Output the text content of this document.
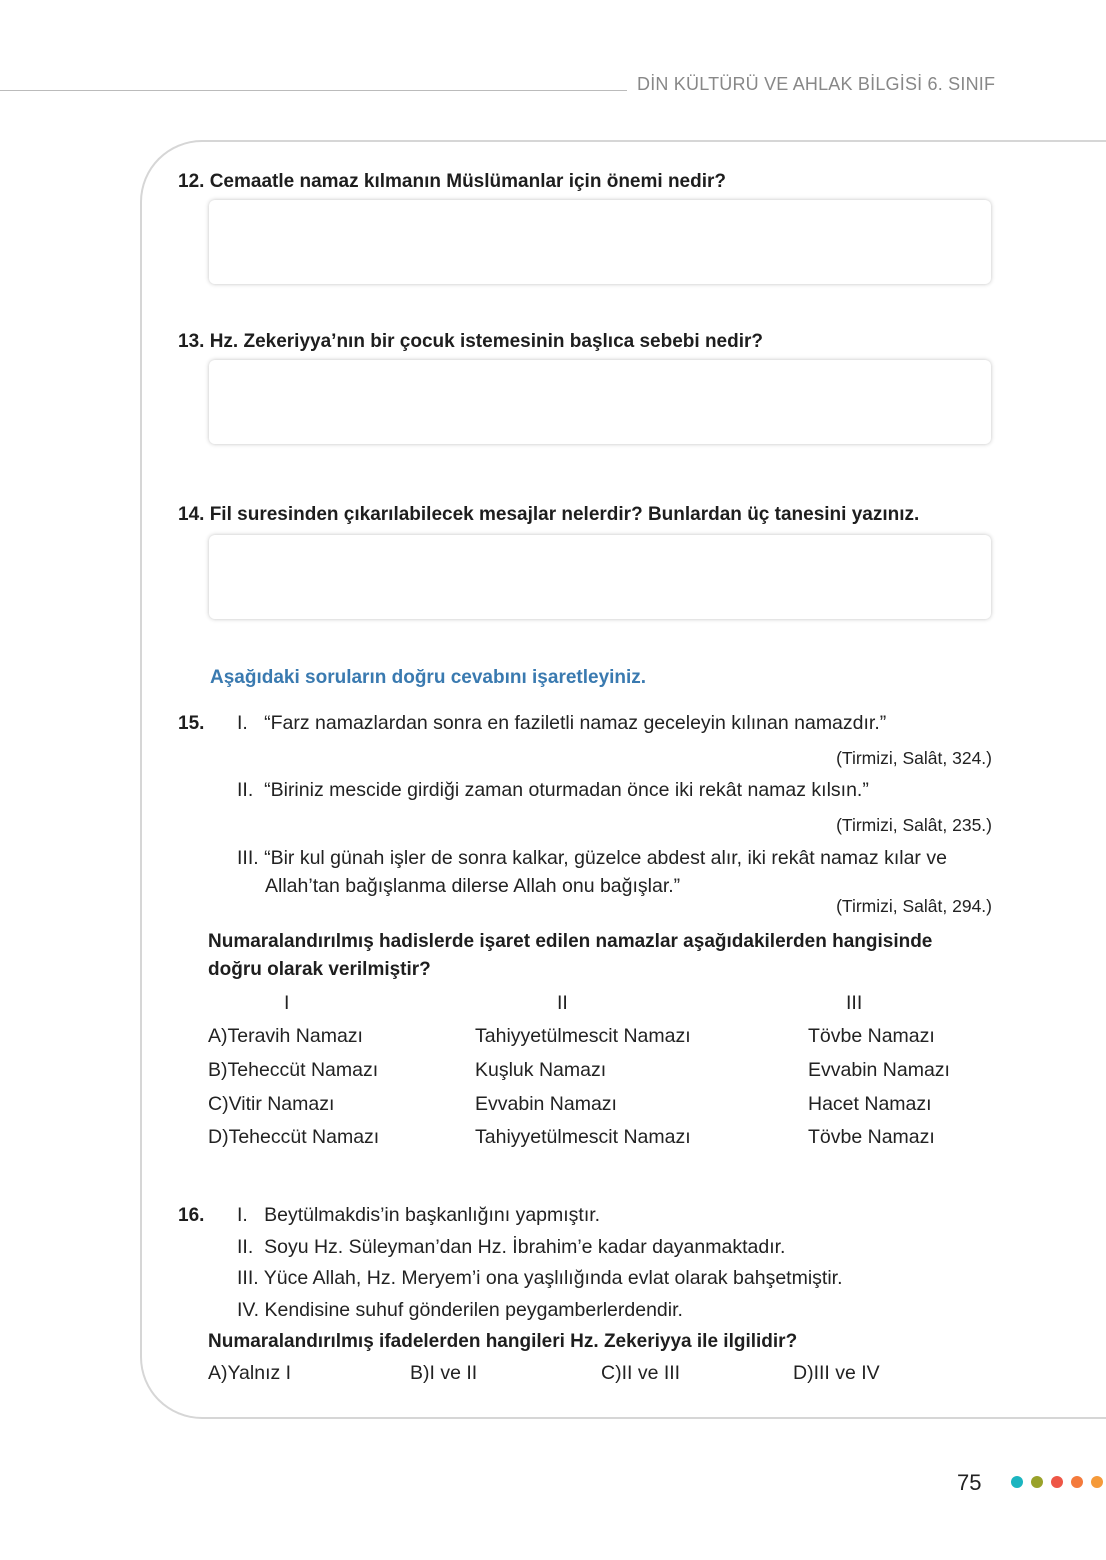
DİN KÜLTÜRÜ VE AHLAK BİLGİSİ 6. SINIF
12. Cemaatle namaz kılmanın Müslümanlar için önemi nedir?
13. Hz. Zekeriyya’nın bir çocuk istemesinin başlıca sebebi nedir?
14. Fil suresinden çıkarılabilecek mesajlar nelerdir? Bunlardan üç tanesini yazınız.
Aşağıdaki soruların doğru cevabını işaretleyiniz.
15. I. “Farz namazlardan sonra en faziletli namaz geceleyin kılınan namazdır.”
(Tirmizi, Salât, 324.)
II. “Biriniz mescide girdiği zaman oturmadan önce iki rekât namaz kılsın.”
(Tirmizi, Salât, 235.)
III. “Bir kul günah işler de sonra kalkar, güzelce abdest alır, iki rekât namaz kılar ve
Allah’tan bağışlanma dilerse Allah onu bağışlar.”
(Tirmizi, Salât, 294.)
Numaralandırılmış hadislerde işaret edilen namazlar aşağıdakilerden hangisinde
doğru olarak verilmiştir?
I	II	III
A)Teravih Namazı	Tahiyyetülmescit Namazı	Tövbe Namazı
B)Teheccüt Namazı	Kuşluk Namazı	Evvabin Namazı
C)Vitir Namazı	Evvabin Namazı	Hacet Namazı
D)Teheccüt Namazı	Tahiyyetülmescit Namazı	Tövbe Namazı
16. I. Beytülmakdis’in başkanlığını yapmıştır.
II. Soyu Hz. Süleyman’dan Hz. İbrahim’e kadar dayanmaktadır.
III. Yüce Allah, Hz. Meryem’i ona yaşlılığında evlat olarak bahşetmiştir.
IV. Kendisine suhuf gönderilen peygamberlerdendir.
Numaralandırılmış ifadelerden hangileri Hz. Zekeriyya ile ilgilidir?
A)Yalnız I	B)I ve II	C)II ve III	D)III ve IV
75
